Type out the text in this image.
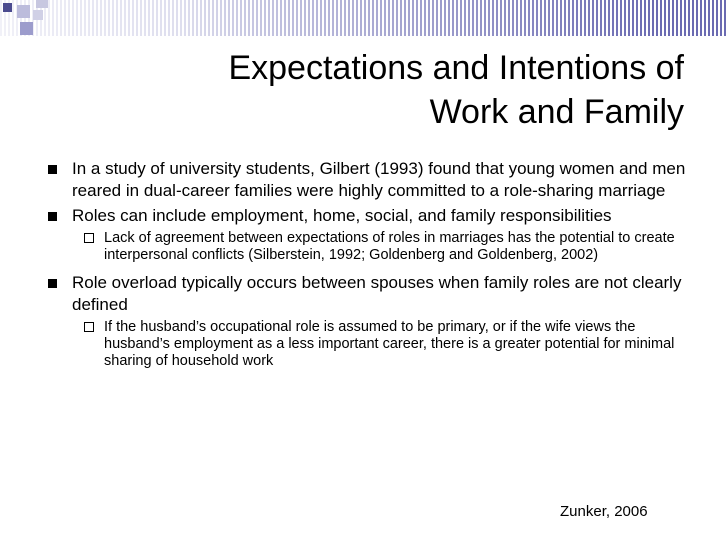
Expectations and Intentions of
Work and Family
In a study of university students, Gilbert (1993) found that young women and men reared in dual-career families were highly committed to a role-sharing marriage
Roles can include employment, home, social, and family responsibilities
Lack of agreement between expectations of roles in marriages has the potential to create interpersonal conflicts (Silberstein, 1992; Goldenberg and Goldenberg, 2002)
Role overload typically occurs between spouses when family roles are not clearly defined
If the husband’s occupational role is assumed to be primary, or if the wife views the husband’s employment as a less important career, there is a greater potential for minimal sharing of household work
Zunker, 2006
